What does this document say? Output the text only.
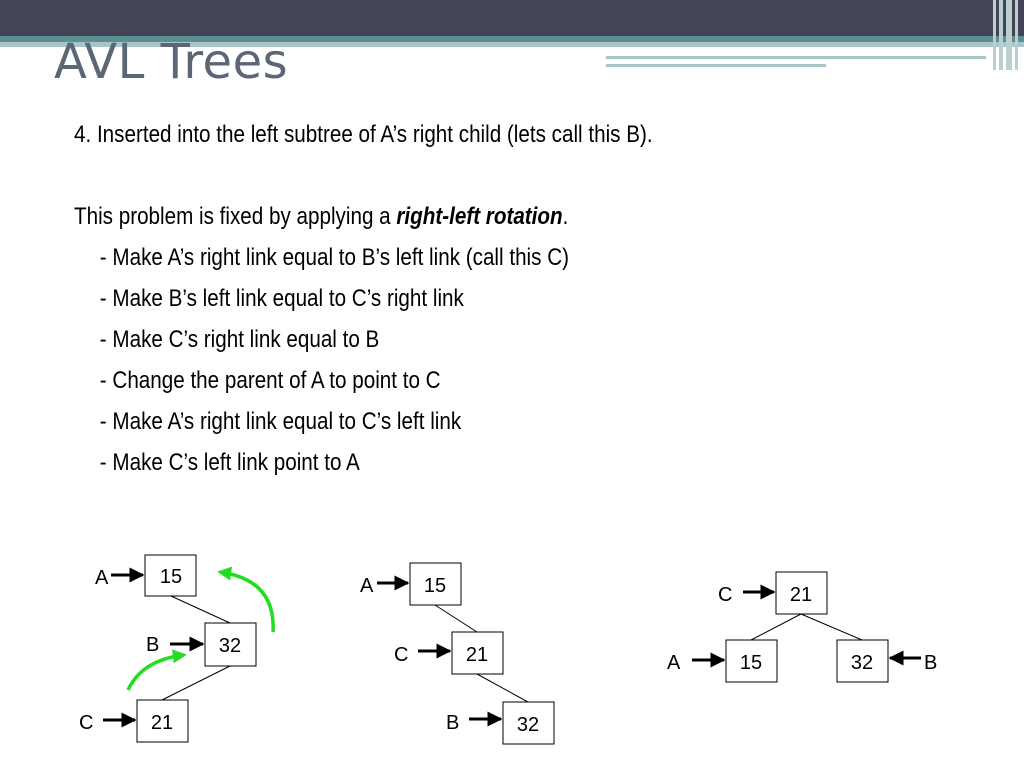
AVL Trees
4. Inserted into the left subtree of A’s right child (lets call this B).
This problem is fixed by applying a right-left rotation.
- Make A’s right link equal to B’s left link (call this C)
- Make B’s left link equal to C’s right link
- Make C’s right link equal to B
- Change the parent of A to point to C
- Make A’s right link equal to C’s left link
- Make C’s left link point to A
15
A
32
B
21
C
15
A
21
C
32
B
21
C
15
A	32	B
